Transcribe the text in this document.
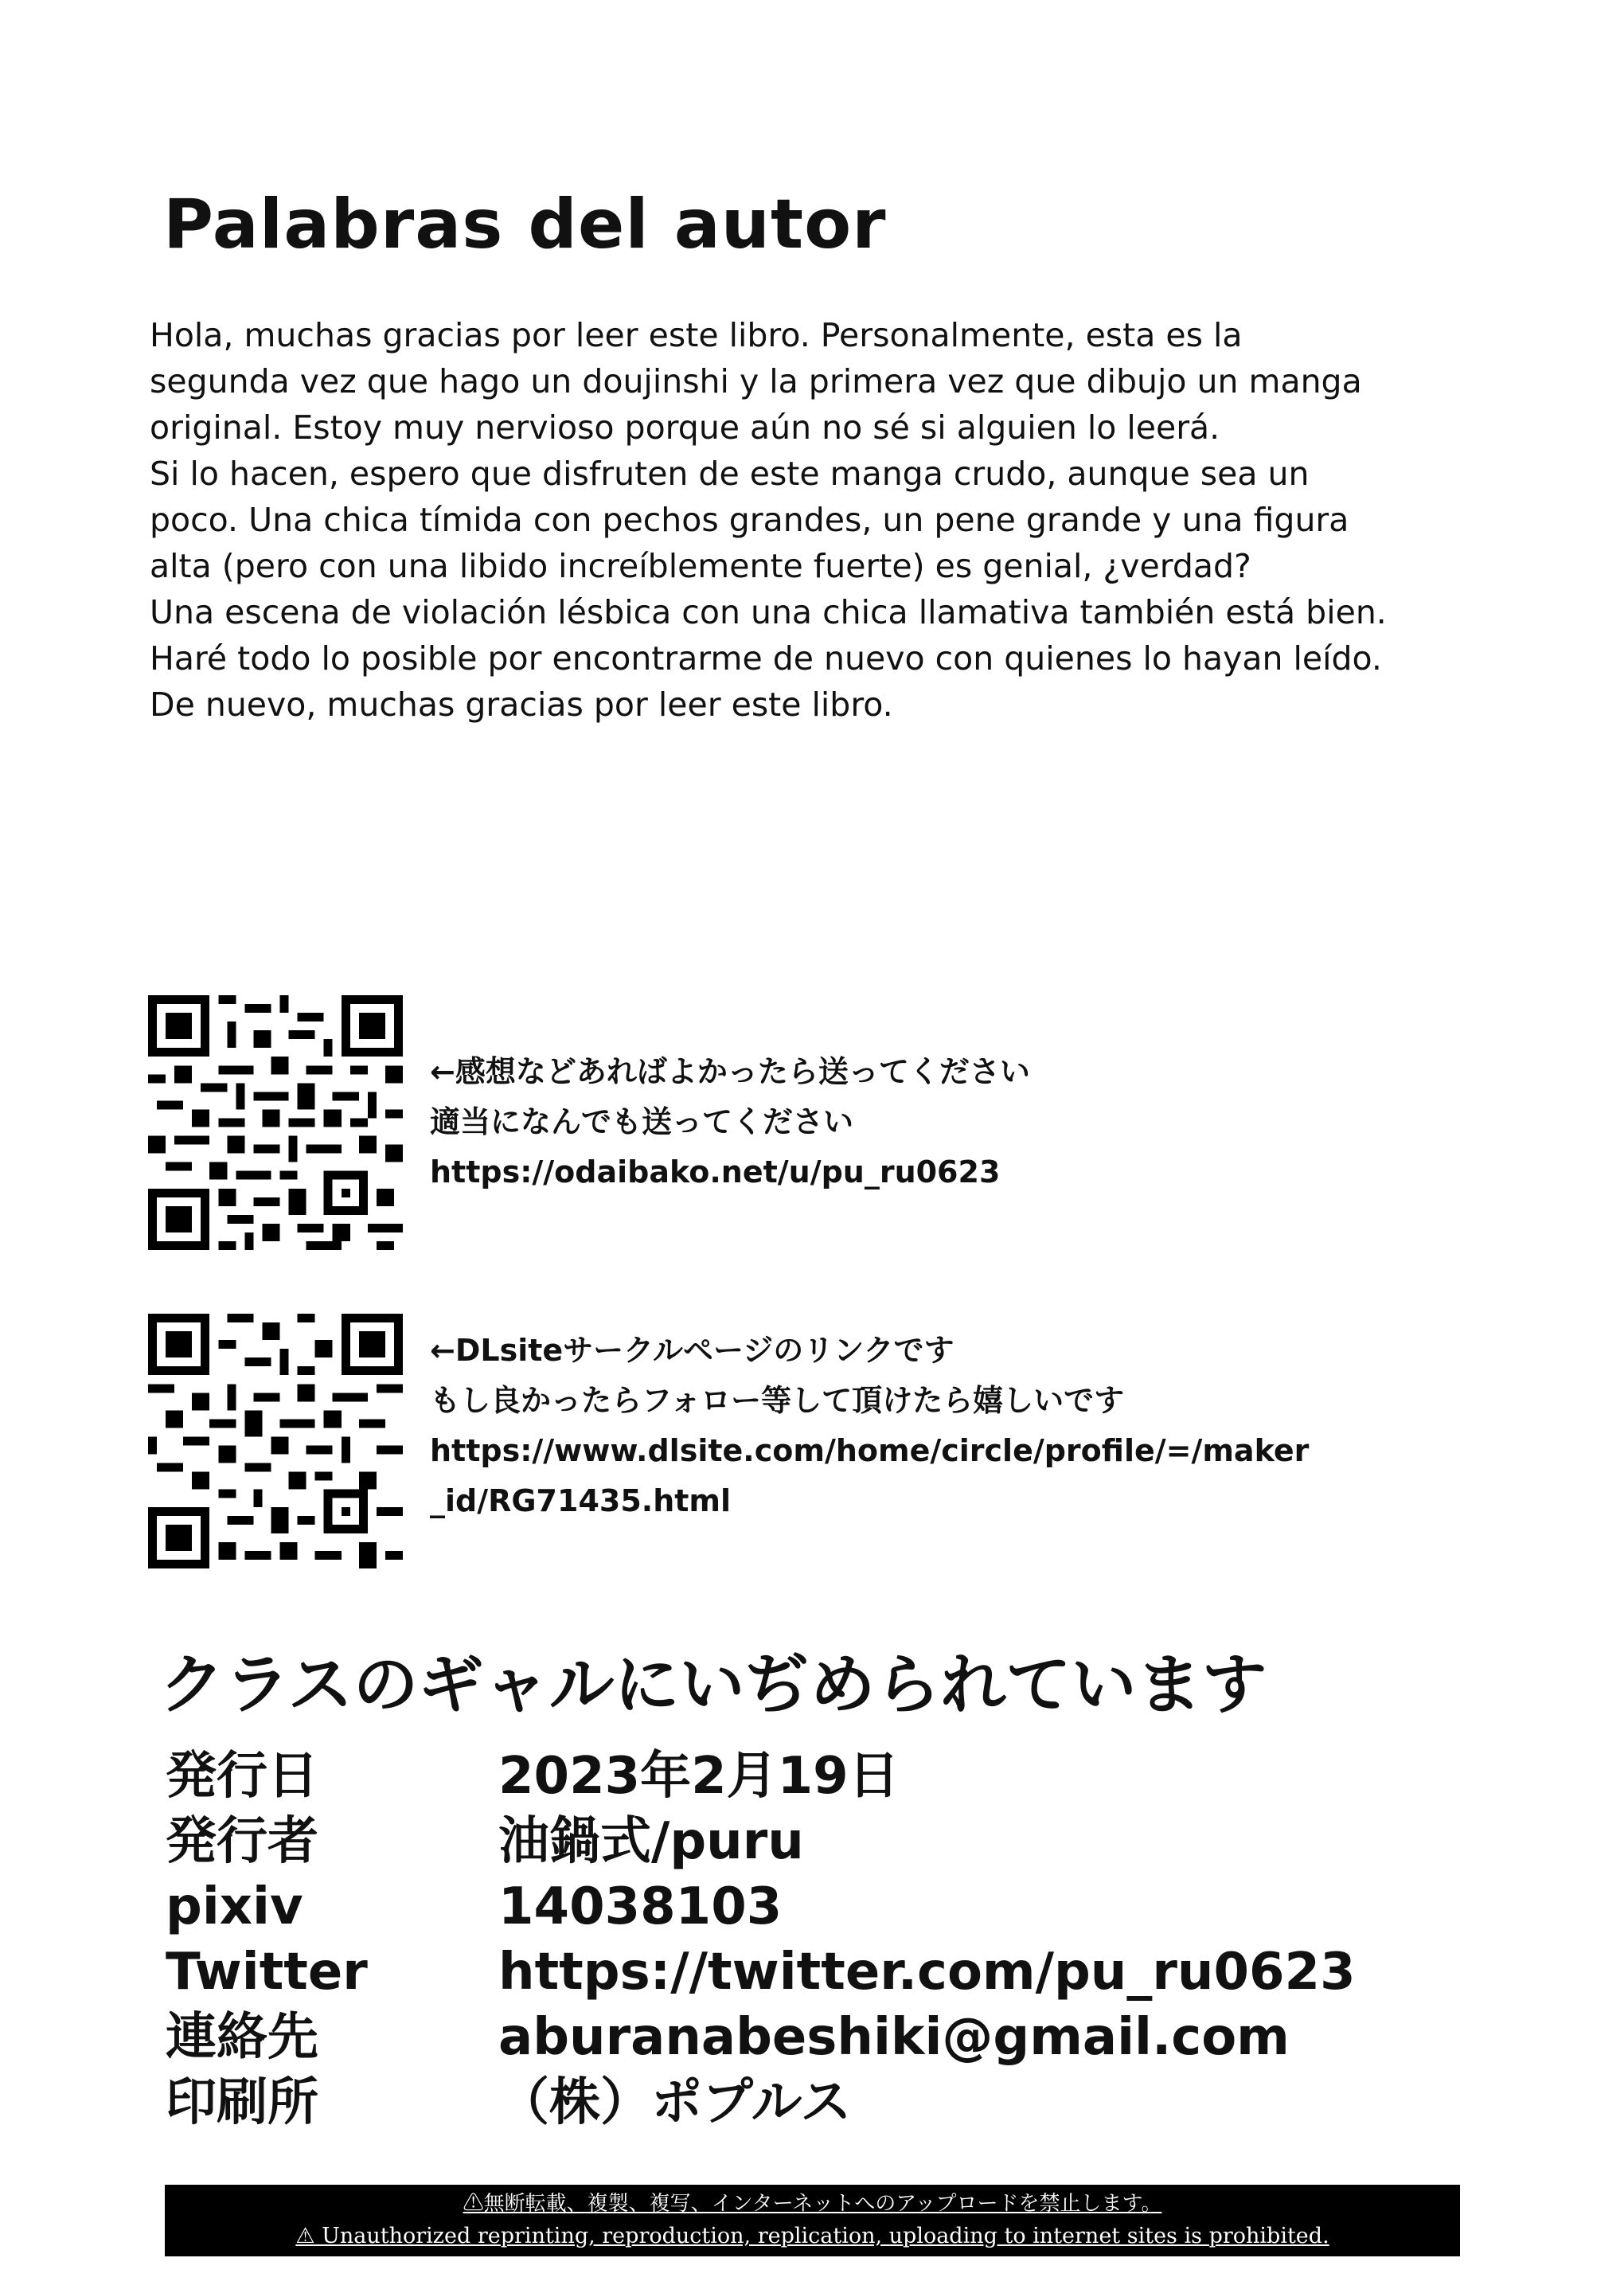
Palabras del autor
Hola, muchas gracias por leer este libro. Personalmente, esta es la
segunda vez que hago un doujinshi y la primera vez que dibujo un manga
original. Estoy muy nervioso porque aún no sé si alguien lo leerá.
Si lo hacen, espero que disfruten de este manga crudo, aunque sea un
poco. Una chica tímida con pechos grandes, un pene grande y una figura
alta (pero con una libido increíblemente fuerte) es genial, ¿verdad?
Una escena de violación lésbica con una chica llamativa también está bien.
Haré todo lo posible por encontrarme de nuevo con quienes lo hayan leído.
De nuevo, muchas gracias por leer este libro.
←感想などあればよかったら送ってください
適当になんでも送ってください
https://odaibako.net/u/pu_ru0623
←DLsiteサークルページのリンクです
もし良かったらフォロー等して頂けたら嬉しいです
https://www.dlsite.com/home/circle/profile/=/maker
_id/RG71435.html
クラスのギャルにいぢめられています
発行日	2023年2月19日
発行者	油鍋式/puru
pixiv	14038103
Twitter	https://twitter.com/pu_ru0623
連絡先	aburanabeshiki@gmail.com
印刷所	（株）ポプルス
⚠無断転載、複製、複写、インターネットへのアップロードを禁止します。
⚠ Unauthorized reprinting, reproduction, replication, uploading to internet sites is prohibited.
